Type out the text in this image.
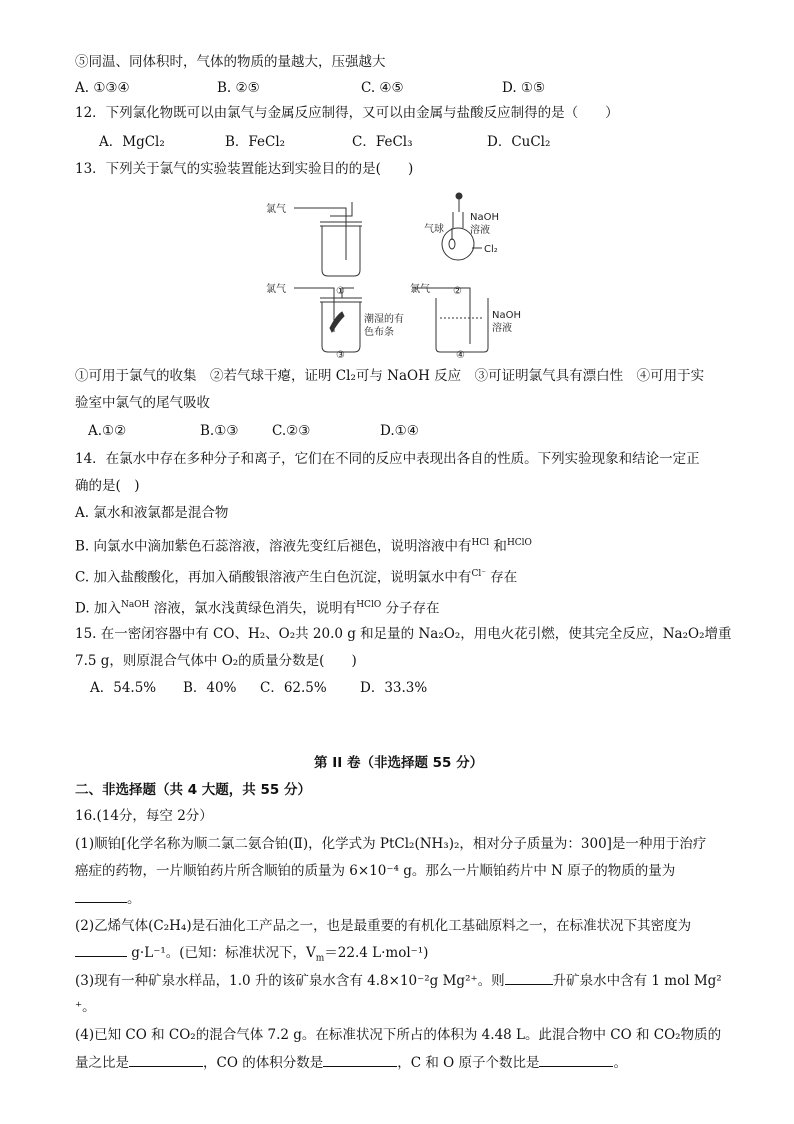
⑤同温、同体积时，气体的物质的量越大，压强越大
A. ①③④	B. ②⑤	C. ④⑤	D. ①⑤
12．下列氯化物既可以由氯气与金属反应制得，又可以由金属与盐酸反应制得的是（　　）
A．MgCl₂	B．FeCl₂	C．FeCl₃	D．CuCl₂
13．下列关于氯气的实验装置能达到实验目的的是(　　)
氯气
①
气球
NaOH
溶液
Cl₂
②
氯气
潮湿的有
色布条
③
氯气
NaOH
溶液
④
①可用于氯气的收集　②若气球干瘪，证明 Cl₂可与 NaOH 反应　③可证明氯气具有漂白性　④可用于实
验室中氯气的尾气吸收
A.①②	B.①③ C.②③	D.①④
14．在氯水中存在多种分子和离子，它们在不同的反应中表现出各自的性质。下列实验现象和结论一定正
确的是(　)
A. 氯水和液氯都是混合物
B. 向氯水中滴加紫色石蕊溶液，溶液先变红后褪色，说明溶液中有$^{HCl}$ 和$^{HClO}$
C. 加入盐酸酸化，再加入硝酸银溶液产生白色沉淀，说明氯水中有$^{Cl^-}$ 存在
D. 加入$^{NaOH}$ 溶液，氯水浅黄绿色消失，说明有$^{HClO}$ 分子存在
15. 在一密闭容器中有 CO、H₂、O₂共 20.0 g 和足量的 Na₂O₂，用电火花引燃，使其完全反应，Na₂O₂增重
7.5 g，则原混合气体中 O₂的质量分数是(　　)
A．54.5% B．40% C．62.5% D．33.3%
第 II 卷（非选择题 55 分）
二、非选择题（共 4 大题，共 55 分）
16.(14分，每空 2分）
(1)顺铂[化学名称为顺二氯二氨合铂(Ⅱ)，化学式为 PtCl₂(NH₃)₂，相对分子质量为：300]是一种用于治疗
癌症的药物，一片顺铂药片所含顺铂的质量为 6×10⁻⁴ g。那么一片顺铂药片中 N 原子的物质的量为
。
(2)乙烯气体(C₂H₄)是石油化工产品之一，也是最重要的有机化工基础原料之一，在标准状况下其密度为
g·L⁻¹。(已知：标准状况下，$V_m=22.4$ L·mol⁻¹)
(3)现有一种矿泉水样品，1.0 升的该矿泉水含有 4.8×10⁻²g Mg²⁺。则	升矿泉水中含有 1 mol Mg²
⁺。
(4)已知 CO 和 CO₂的混合气体 7.2 g。在标准状况下所占的体积为 4.48 L。此混合物中 CO 和 CO₂物质的
量之比是	，CO 的体积分数是	，C 和 O 原子个数比是	。
